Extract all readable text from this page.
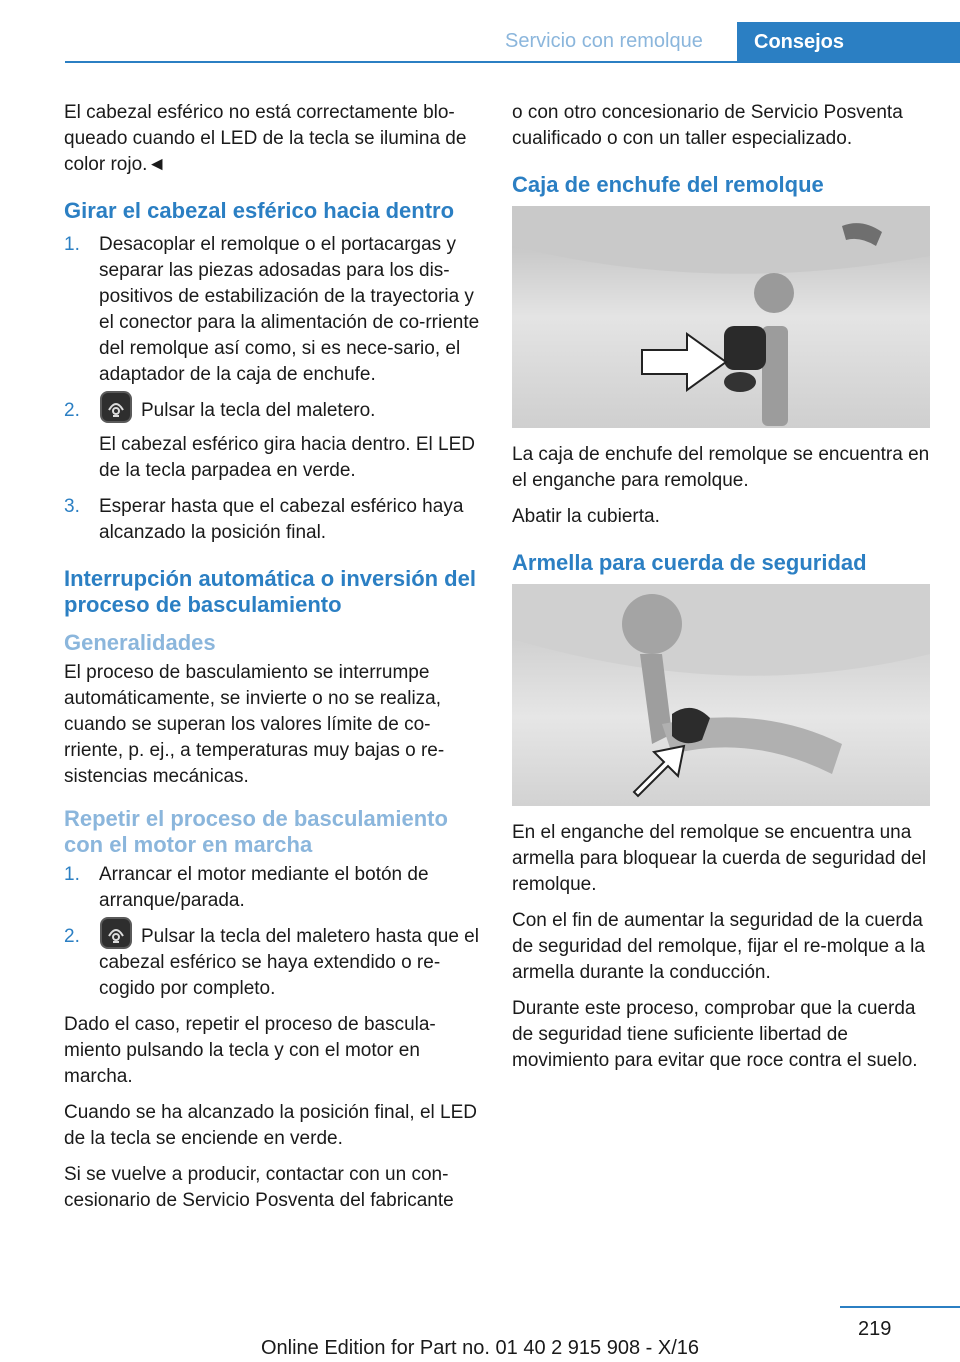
Servicio con remolque	Consejos

El cabezal esférico no está correctamente blo-queado cuando el LED de la tecla se ilumina de color rojo.◄

Girar el cabezal esférico hacia dentro
1. Desacoplar el remolque o el portacargas y separar las piezas adosadas para los dis-positivos de estabilización de la trayectoria y el conector para la alimentación de co-rriente del remolque así como, si es nece-sario, el adaptador de la caja de enchufe.
2.	Pulsar la tecla del maletero.

El cabezal esférico gira hacia dentro. El LED de la tecla parpadea en verde.

3. Esperar hasta que el cabezal esférico haya alcanzado la posición final.
Interrupción automática o inversión del proceso de basculamiento
Generalidades

El proceso de basculamiento se interrumpe automáticamente, se invierte o no se realiza, cuando se superan los valores límite de co-rriente, p. ej., a temperaturas muy bajas o re-sistencias mecánicas.

Repetir el proceso de basculamiento con el motor en marcha
1. Arrancar el motor mediante el botón de arranque/parada.
2.	Pulsar la tecla del maletero hasta que el cabezal esférico se haya extendido o re-cogido por completo.

Dado el caso, repetir el proceso de bascula-miento pulsando la tecla y con el motor en marcha.

Cuando se ha alcanzado la posición final, el LED de la tecla se enciende en verde.

Si se vuelve a producir, contactar con un con-cesionario de Servicio Posventa del fabricante

o con otro concesionario de Servicio Posventa cualificado o con un taller especializado.

Caja de enchufe del remolque

La caja de enchufe del remolque se encuentra en el enganche para remolque.

Abatir la cubierta.

Armella para cuerda de seguridad

En el enganche del remolque se encuentra una armella para bloquear la cuerda de seguridad del remolque.

Con el fin de aumentar la seguridad de la cuerda de seguridad del remolque, fijar el re-molque a la armella durante la conducción.

Durante este proceso, comprobar que la cuerda de seguridad tiene suficiente libertad de movimiento para evitar que roce contra el suelo.

219
Online Edition for Part no. 01 40 2 915 908 - X/16
